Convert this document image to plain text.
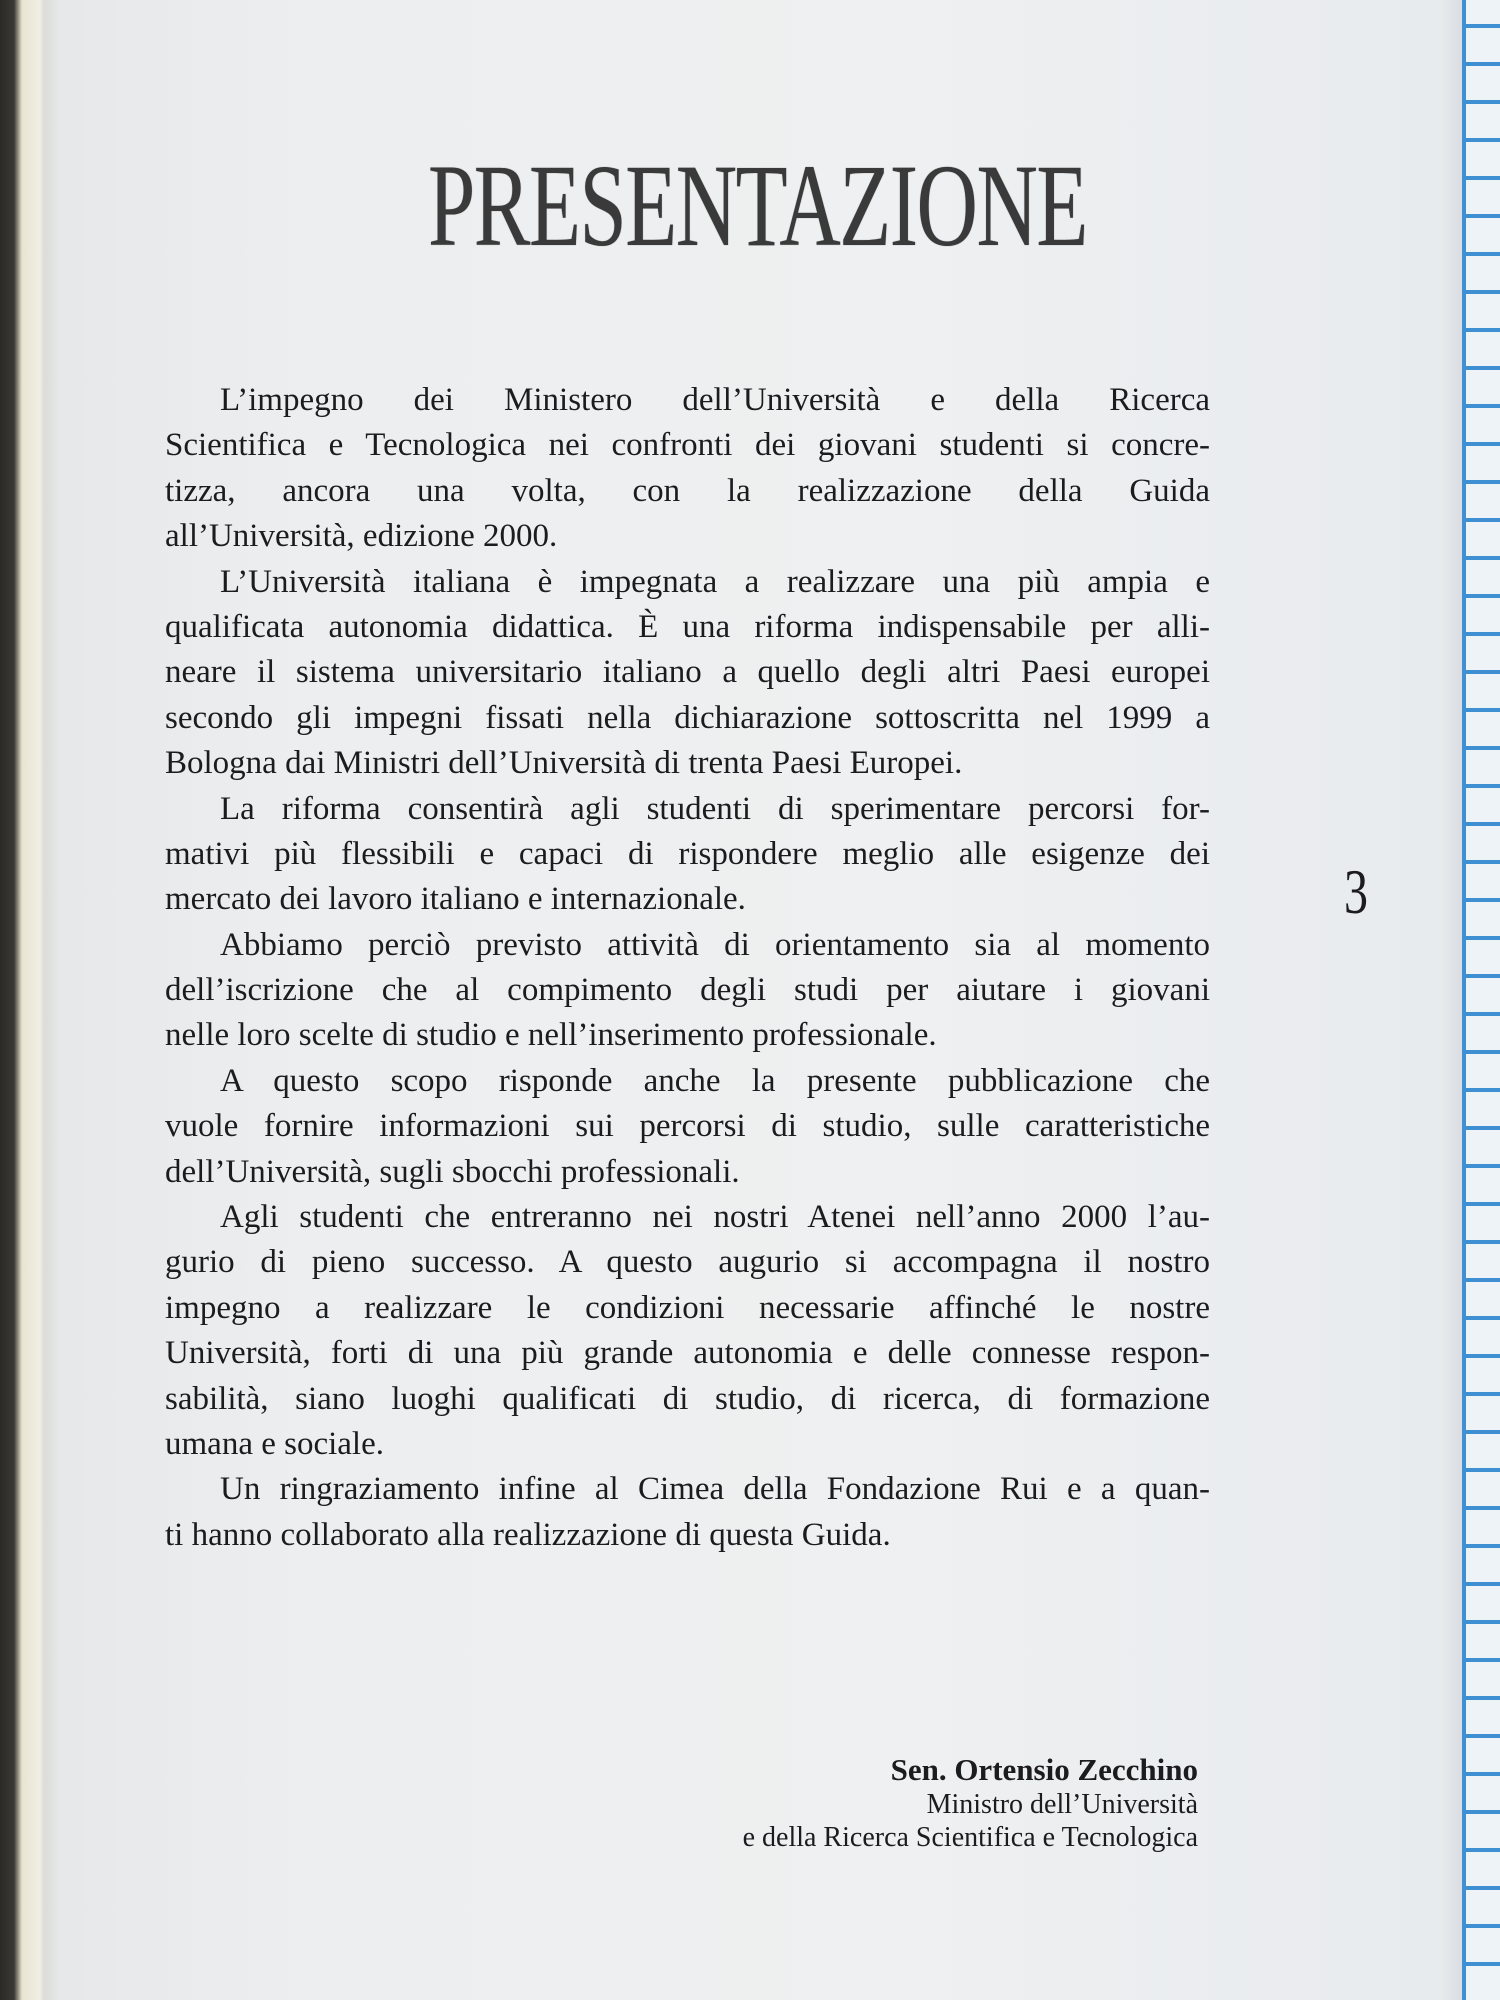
PRESENTAZIONE
L’impegno dei Ministero dell’Università e della Ricerca
Scientifica e Tecnologica nei confronti dei giovani studenti si concre-
tizza, ancora una volta, con la realizzazione della Guida
all’Università, edizione 2000.
L’Università italiana è impegnata a realizzare una più ampia e
qualificata autonomia didattica. È una riforma indispensabile per alli-
neare il sistema universitario italiano a quello degli altri Paesi europei
secondo gli impegni fissati nella dichiarazione sottoscritta nel 1999 a
Bologna dai Ministri dell’Università di trenta Paesi Europei.
La riforma consentirà agli studenti di sperimentare percorsi for-
mativi più flessibili e capaci di rispondere meglio alle esigenze dei
mercato dei lavoro italiano e internazionale.
Abbiamo perciò previsto attività di orientamento sia al momento
dell’iscrizione che al compimento degli studi per aiutare i giovani
nelle loro scelte di studio e nell’inserimento professionale.
A questo scopo risponde anche la presente pubblicazione che
vuole fornire informazioni sui percorsi di studio, sulle caratteristiche
dell’Università, sugli sbocchi professionali.
Agli studenti che entreranno nei nostri Atenei nell’anno 2000 l’au-
gurio di pieno successo. A questo augurio si accompagna il nostro
impegno a realizzare le condizioni necessarie affinché le nostre
Università, forti di una più grande autonomia e delle connesse respon-
sabilità, siano luoghi qualificati di studio, di ricerca, di formazione
umana e sociale.
Un ringraziamento infine al Cimea della Fondazione Rui e a quan-
ti hanno collaborato alla realizzazione di questa Guida.
3
Sen. Ortensio Zecchino
Ministro dell’Università
e della Ricerca Scientifica e Tecnologica
